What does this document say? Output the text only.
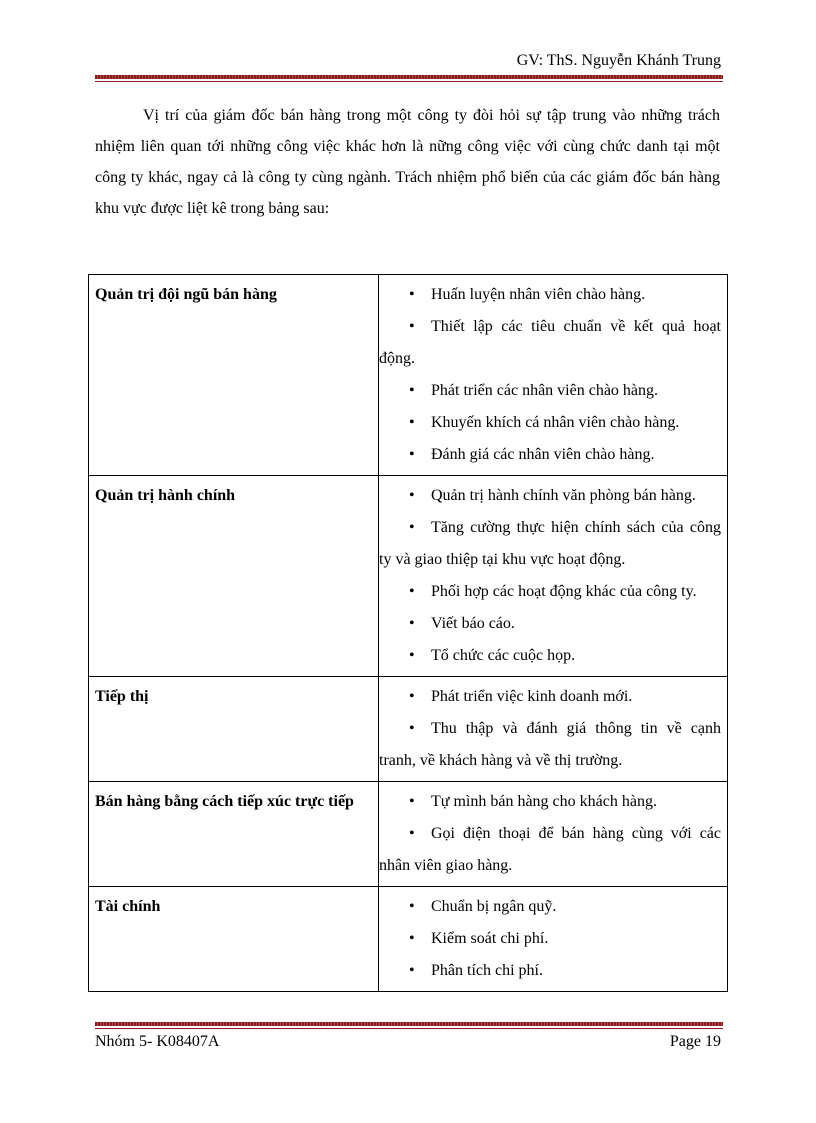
GV: ThS. Nguyễn Khánh Trung

Vị trí của giám đốc bán hàng trong một công ty đòi hỏi sự tập trung vào những trách nhiệm liên quan tới những công việc khác hơn là nững công việc với cùng chức danh tại một công ty khác, ngay cả là công ty cùng ngành. Trách nhiệm phổ biến của các giám đốc bán hàng khu vực được liệt kê trong bảng sau:

Quản trị đội ngũ bán hàng	• Huấn luyện nhân viên chào hàng.
• Thiết lập các tiêu chuẩn về kết quả hoạt động.
• Phát triển các nhân viên chào hàng.
• Khuyến khích cá nhân viên chào hàng.
• Đánh giá các nhân viên chào hàng.

Quản trị hành chính	• Quản trị hành chính văn phòng bán hàng.
• Tăng cường thực hiện chính sách của công ty và giao thiệp tại khu vực hoạt động.
• Phối hợp các hoạt động khác của công ty.
• Viết báo cáo.
• Tổ chức các cuộc họp.

Tiếp thị	• Phát triển việc kinh doanh mới.
• Thu thập và đánh giá thông tin về cạnh tranh, về khách hàng và về thị trường.

Bán hàng bằng cách tiếp xúc trực tiếp	• Tự mình bán hàng cho khách hàng.
• Gọi điện thoại để bán hàng cùng với các nhân viên giao hàng.

Tài chính	• Chuẩn bị ngân quỹ.
• Kiểm soát chi phí.
• Phân tích chi phí.
Nhóm 5- K08407A	Page 19
